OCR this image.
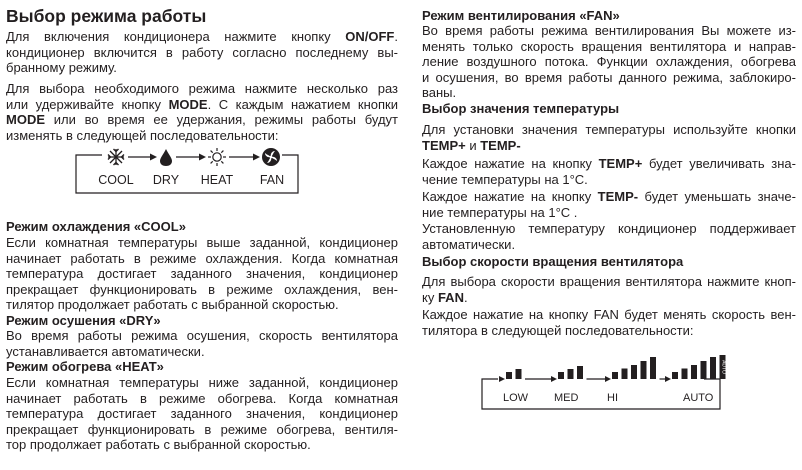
Выбор режима работы
Для включения кондиционера нажмите кнопку ON/OFF.
кондиционер включится в работу согласно последнему вы-
бранному режиму.
Для выбора необходимого режима нажмите несколько раз
или удерживайте кнопку MODE. С каждым нажатием кнопки
MODE или во время ее удержания, режимы работы будут
изменять в следующей последовательности:
COOL DRY HEAT FAN
Режим охлаждения «COOL»
Если комнатная температуры выше заданной, кондиционер
начинает работать в режиме охлаждения. Когда комнатная
температура достигает заданного значения, кондиционер
прекращает функционировать в режиме охлаждения, вен-
тилятор продолжает работать с выбранной скоростью.
Режим осушения «DRY»
Во время работы режима осушения, скорость вентилятора
устанавливается автоматически.
Режим обогрева «HEAT»
Если комнатная температуры ниже заданной, кондиционер
начинает работать в режиме обогрева. Когда комнатная
температура достигает заданного значения, кондиционер
прекращает функционировать в режиме обогрева, вентиля-
тор продолжает работать с выбранной скоростью.
Режим вентилирования «FAN»
Во время работы режима вентилирования Вы можете из-
менять только скорость вращения вентилятора и направ-
ление воздушного потока. Функции охлаждения, обогрева
и осушения, во время работы данного режима, заблокиро-
ваны.
Выбор значения температуры
Для установки значения температуры используйте кнопки
TEMP+ и TEMP-
Каждое нажатие на кнопку TEMP+ будет увеличивать зна-
чение температуры на 1°C.
Каждое нажатие на кнопку TEMP- будет уменьшать значе-
ние температуры на 1°C .
Установленную температуру кондиционер поддерживает
автоматически.
Выбор скорости вращения вентилятора
Для выбора скорости вращения вентилятора нажмите кноп-
ку FAN.
Каждое нажатие на кнопку FAN будет менять скорость вен-
тилятора в следующей последовательности:
LOW MED	HI
AUTO
AUTO
